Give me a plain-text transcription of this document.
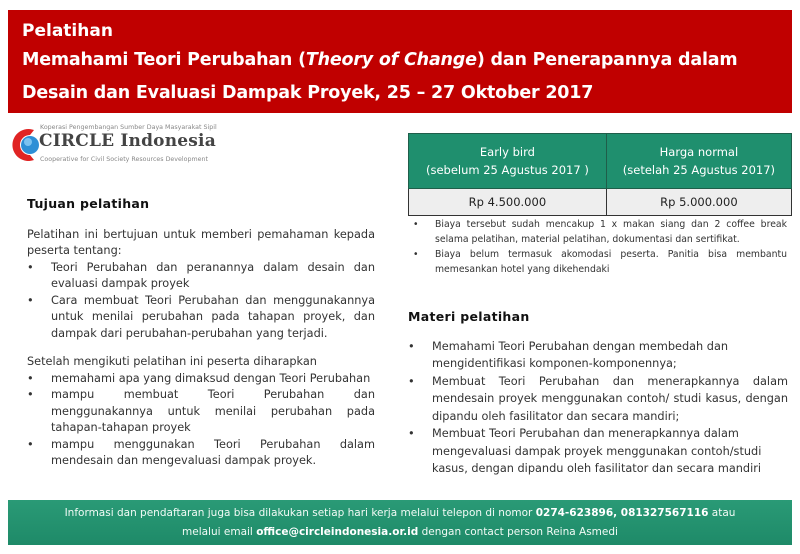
Pelatihan
Memahami Teori Perubahan (Theory of Change) dan Penerapannya dalam
Desain dan Evaluasi Dampak Proyek, 25 – 27 Oktober 2017
Koperasi Pengembangan Sumber Daya Masyarakat Sipil
CIRCLE Indonesia
Cooperative for Civil Society Resources Development
Tujuan pelatihan

Pelatihan ini bertujuan untuk memberi pemahaman kepada peserta tentang:

• Teori Perubahan dan peranannya dalam desain dan evaluasi dampak proyek
• Cara membuat Teori Perubahan dan menggunakannya untuk menilai perubahan pada tahapan proyek, dan dampak dari perubahan-perubahan yang terjadi.

Setelah mengikuti pelatihan ini peserta diharapkan

• memahami apa yang dimaksud dengan Teori Perubahan
• mampu membuat Teori Perubahan dan menggunakannya untuk menilai perubahan pada tahapan-tahapan proyek
• mampu menggunakan Teori Perubahan dalam mendesain dan mengevaluasi dampak proyek.
Early bird
(sebelum 25 Agustus 2017 )

Harga normal
(setelah 25 Agustus 2017)

Rp 4.500.000	Rp 5.000.000
• Biaya tersebut sudah mencakup 1 x makan siang dan 2 coffee break selama pelatihan, material pelatihan, dokumentasi dan sertifikat.
• Biaya belum termasuk akomodasi peserta. Panitia bisa membantu memesankan hotel yang dikehendaki
Materi pelatihan
• Memahami Teori Perubahan dengan membedah dan mengidentifikasi komponen-komponennya;
• Membuat Teori Perubahan dan menerapkannya dalam mendesain proyek menggunakan contoh/ studi kasus, dengan dipandu oleh fasilitator dan secara mandiri;
• Membuat Teori Perubahan dan menerapkannya dalam mengevaluasi dampak proyek menggunakan contoh/studi kasus, dengan dipandu oleh fasilitator dan secara mandiri
Informasi dan pendaftaran juga bisa dilakukan setiap hari kerja melalui telepon di nomor 0274-623896, 081327567116 atau
melalui email office@circleindonesia.or.id dengan contact person Reina Asmedi
